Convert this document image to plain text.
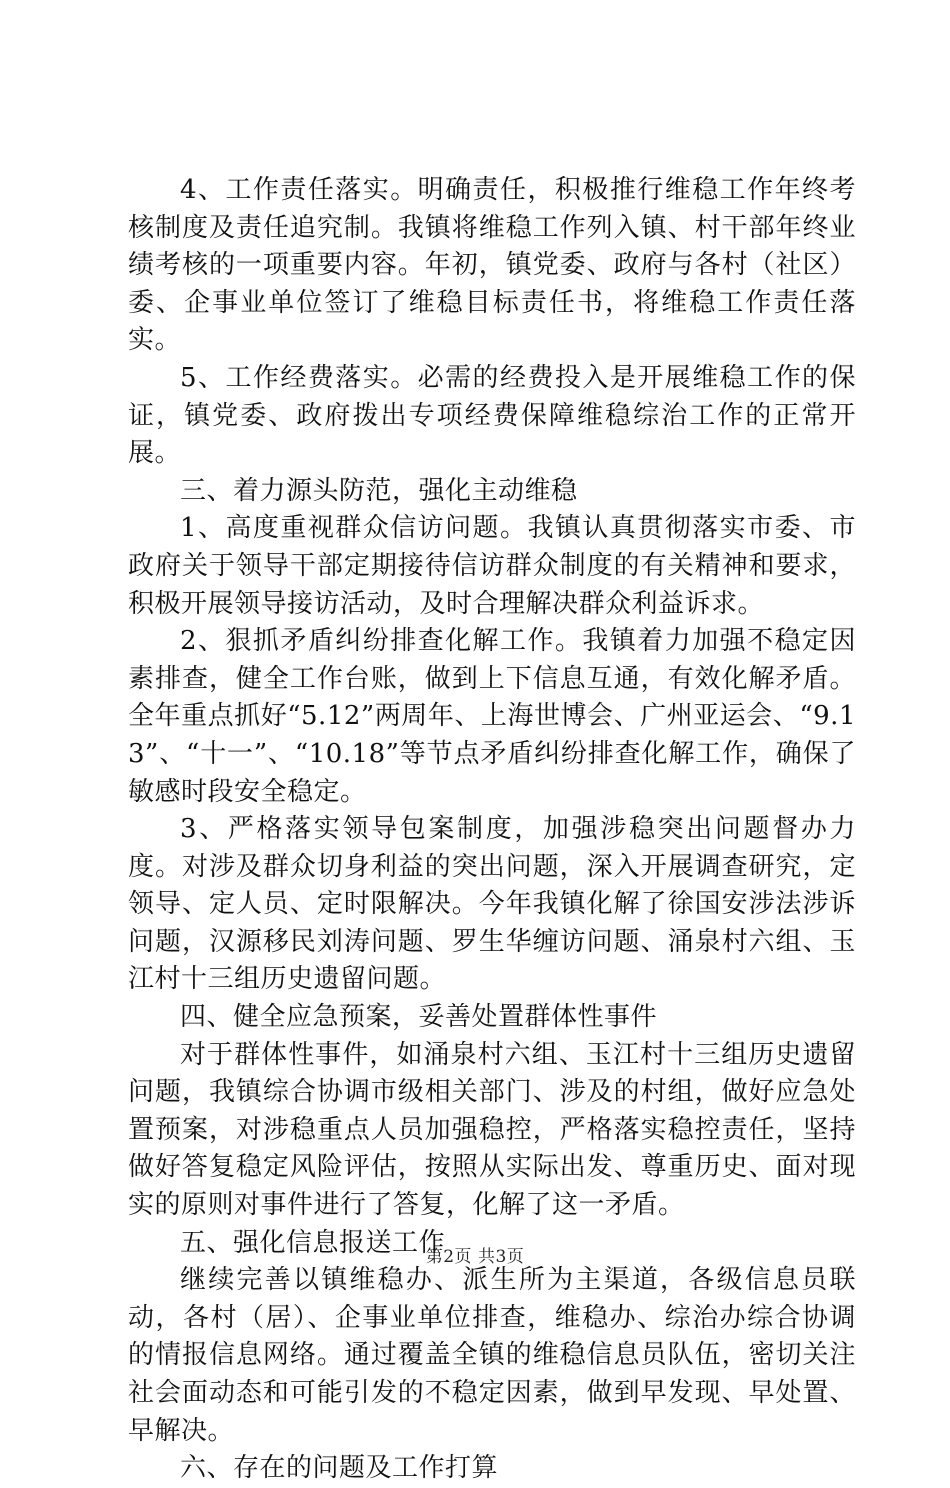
4、工作责任落实。明确责任，积极推行维稳工作年终考核制度及责任追究制。我镇将维稳工作列入镇、村干部年终业绩考核的一项重要内容。年初，镇党委、政府与各村（社区）委、企事业单位签订了维稳目标责任书，将维稳工作责任落实。

5、工作经费落实。必需的经费投入是开展维稳工作的保证，镇党委、政府拨出专项经费保障维稳综治工作的正常开展。

三、着力源头防范，强化主动维稳

1、高度重视群众信访问题。我镇认真贯彻落实市委、市政府关于领导干部定期接待信访群众制度的有关精神和要求，积极开展领导接访活动，及时合理解决群众利益诉求。

2、狠抓矛盾纠纷排查化解工作。我镇着力加强不稳定因素排查，健全工作台账，做到上下信息互通，有效化解矛盾。全年重点抓好“5.12”两周年、上海世博会、广州亚运会、“9.13”、“十一”、“10.18”等节点矛盾纠纷排查化解工作，确保了敏感时段安全稳定。

3、严格落实领导包案制度，加强涉稳突出问题督办力度。对涉及群众切身利益的突出问题，深入开展调查研究，定领导、定人员、定时限解决。今年我镇化解了徐国安涉法涉诉问题，汉源移民刘涛问题、罗生华缠访问题、涌泉村六组、玉江村十三组历史遗留问题。

四、健全应急预案，妥善处置群体性事件

对于群体性事件，如涌泉村六组、玉江村十三组历史遗留问题，我镇综合协调市级相关部门、涉及的村组，做好应急处置预案，对涉稳重点人员加强稳控，严格落实稳控责任，坚持做好答复稳定风险评估，按照从实际出发、尊重历史、面对现实的原则对事件进行了答复，化解了这一矛盾。

五、强化信息报送工作

继续完善以镇维稳办、派生所为主渠道，各级信息员联动，各村（居）、企事业单位排查，维稳办、综治办综合协调的情报信息网络。通过覆盖全镇的维稳信息员队伍，密切关注社会面动态和可能引发的不稳定因素，做到早发现、早处置、早解决。

六、存在的问题及工作打算

第2页 共3页
